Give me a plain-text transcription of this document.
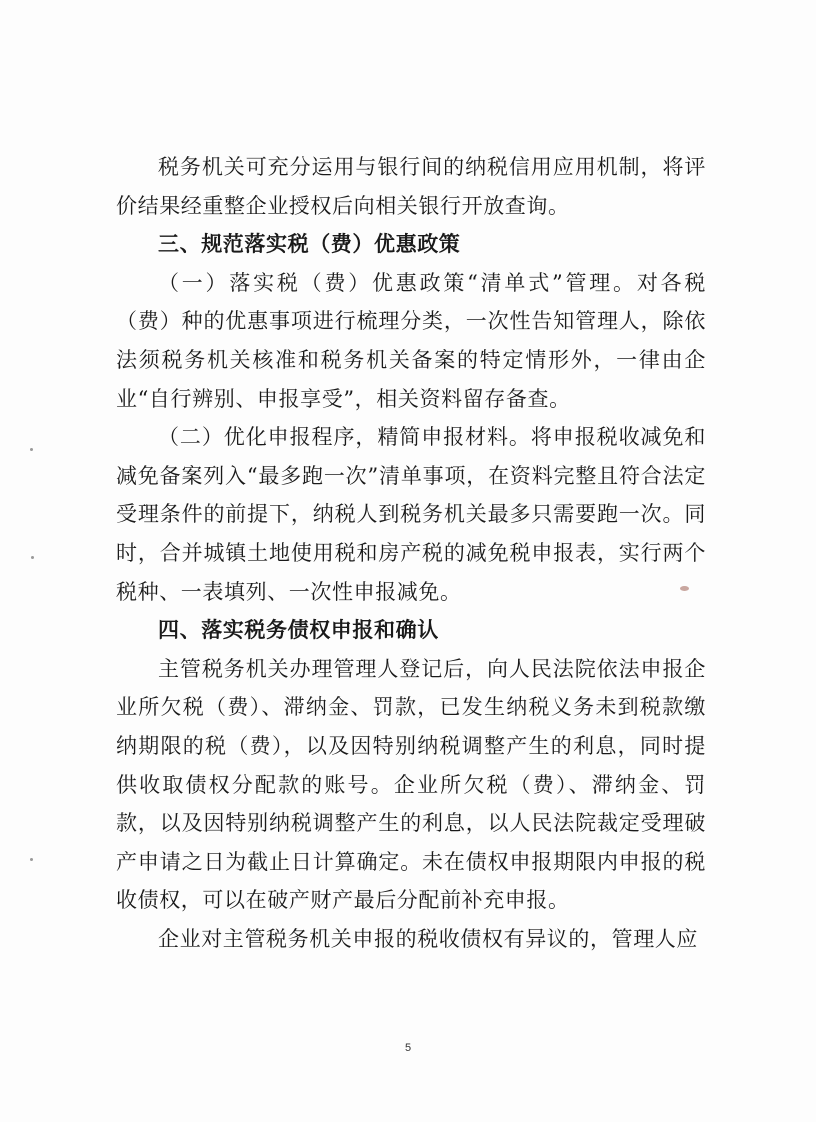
税务机关可充分运用与银行间的纳税信用应用机制，将评价结果经重整企业授权后向相关银行开放查询。

三、规范落实税（费）优惠政策

（一）落实税（费）优惠政策“清单式”管理。对各税（费）种的优惠事项进行梳理分类，一次性告知管理人，除依法须税务机关核准和税务机关备案的特定情形外，一律由企业“自行辨别、申报享受”，相关资料留存备查。

（二）优化申报程序，精简申报材料。将申报税收减免和减免备案列入“最多跑一次”清单事项，在资料完整且符合法定受理条件的前提下，纳税人到税务机关最多只需要跑一次。同时，合并城镇土地使用税和房产税的减免税申报表，实行两个税种、一表填列、一次性申报减免。

四、落实税务债权申报和确认

主管税务机关办理管理人登记后，向人民法院依法申报企业所欠税（费）、滞纳金、罚款，已发生纳税义务未到税款缴纳期限的税（费），以及因特别纳税调整产生的利息，同时提供收取债权分配款的账号。企业所欠税（费）、滞纳金、罚款，以及因特别纳税调整产生的利息，以人民法院裁定受理破产申请之日为截止日计算确定。未在债权申报期限内申报的税收债权，可以在破产财产最后分配前补充申报。

企业对主管税务机关申报的税收债权有异议的，管理人应

5
